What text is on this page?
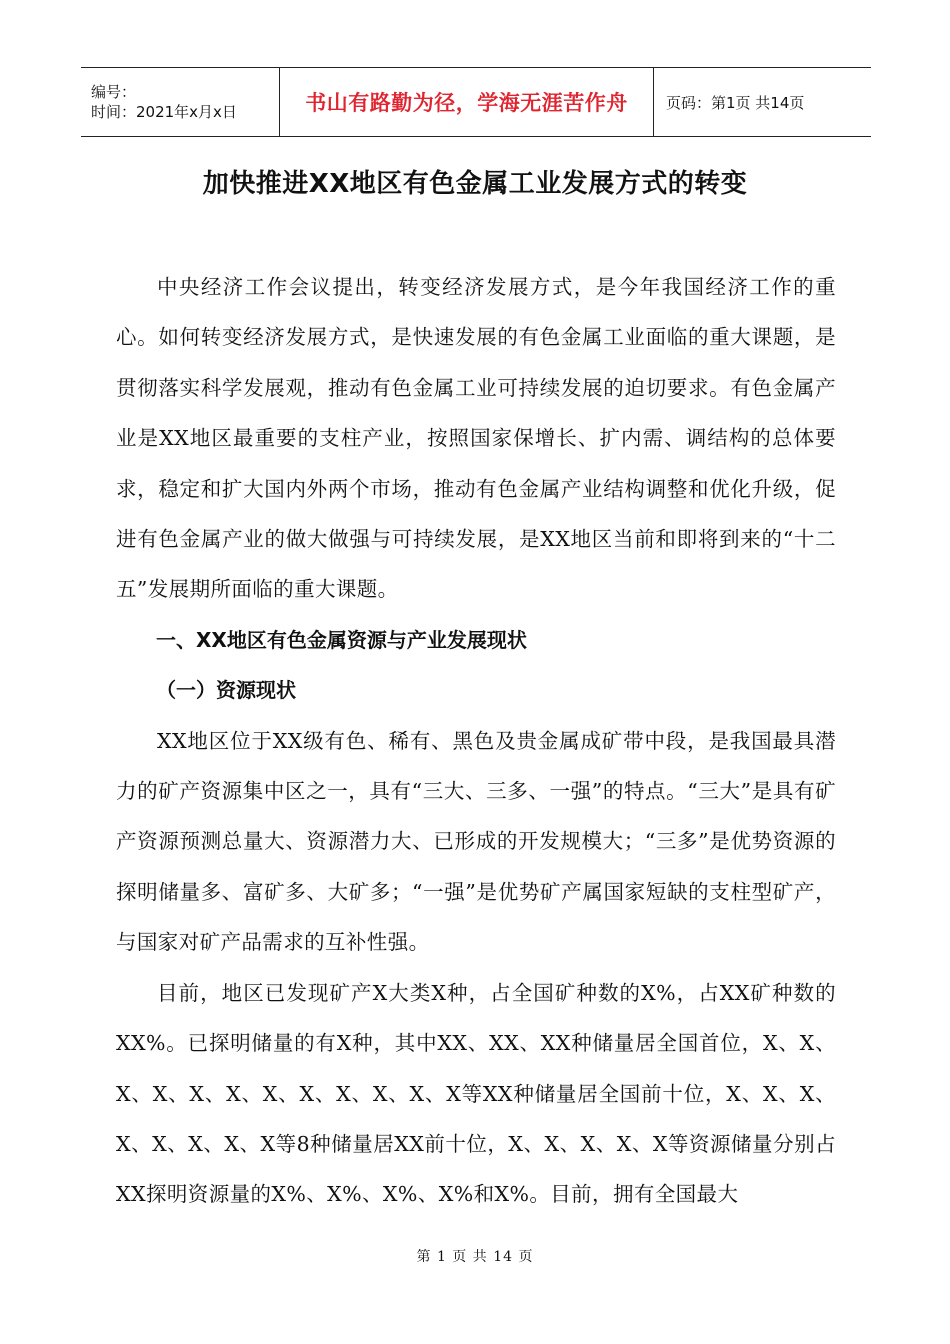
编号：
时间：2021年x月x日	书山有路勤为径，学海无涯苦作舟	页码：第1页 共14页
加快推进XX地区有色金属工业发展方式的转变

中央经济工作会议提出，转变经济发展方式，是今年我国经济工作的重心。如何转变经济发展方式，是快速发展的有色金属工业面临的重大课题，是贯彻落实科学发展观，推动有色金属工业可持续发展的迫切要求。有色金属产业是XX地区最重要的支柱产业，按照国家保增长、扩内需、调结构的总体要求，稳定和扩大国内外两个市场，推动有色金属产业结构调整和优化升级，促进有色金属产业的做大做强与可持续发展，是XX地区当前和即将到来的“十二五”发展期所面临的重大课题。

一、XX地区有色金属资源与产业发展现状

（一）资源现状

XX地区位于XX级有色、稀有、黑色及贵金属成矿带中段，是我国最具潜力的矿产资源集中区之一，具有“三大、三多、一强”的特点。“三大”是具有矿产资源预测总量大、资源潜力大、已形成的开发规模大；“三多”是优势资源的探明储量多、富矿多、大矿多；“一强”是优势矿产属国家短缺的支柱型矿产，与国家对矿产品需求的互补性强。

目前，地区已发现矿产X大类X种，占全国矿种数的X%，占XX矿种数的XX%。已探明储量的有X种，其中XX、XX、XX种储量居全国首位，X、X、X、X、X、X、X、X、X、X、X、X等XX种储量居全国前十位，X、X、X、X、X、X、X、X等8种储量居XX前十位，X、X、X、X、X等资源储量分别占XX探明资源量的X%、X%、X%、X%和X%。目前，拥有全国最大

第 1 页 共 14 页
